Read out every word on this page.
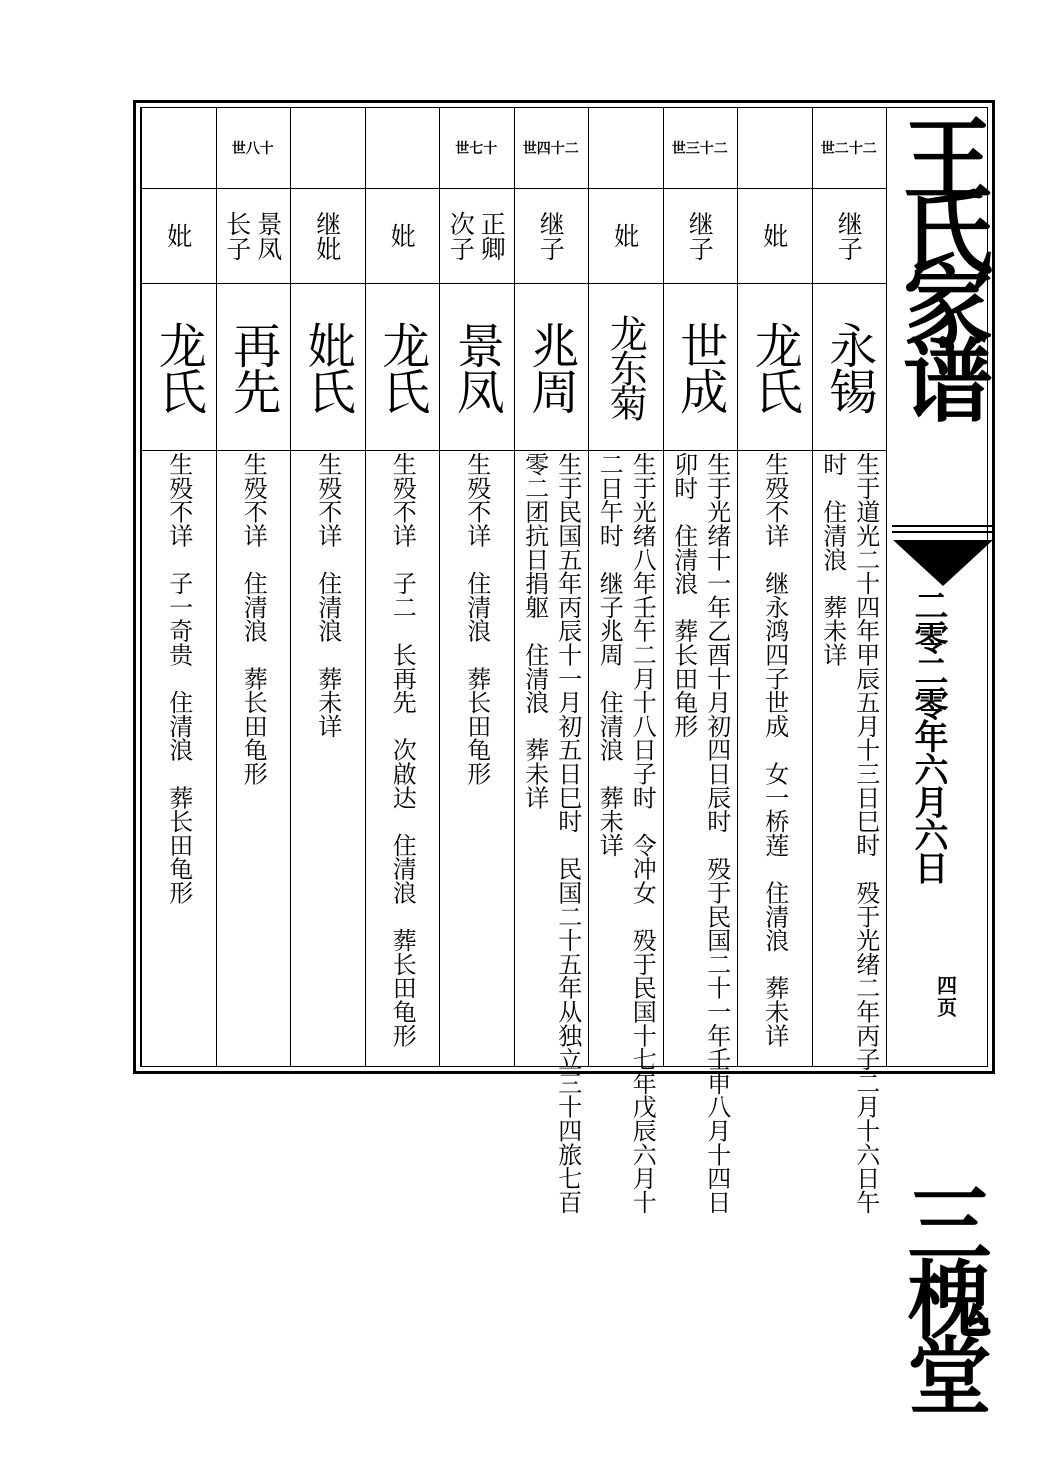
世二十二
继子
永锡
生于道光二十四年甲辰五月十三日巳时　殁于光绪二年丙子二月十六日午
时　住清浪　葬未详
妣
龙氏
生殁不详　继永鸿四子世成　女一桥莲　住清浪　葬未详
世三十二
继子
世成
生于光绪十一年乙酉十月初四日辰时　殁于民国二十一年壬申八月十四日
卯时　住清浪　葬长田龟形
妣
龙东菊
生于光绪八年壬午二月十八日子时　令冲女　殁于民国十七年戊辰六月十
二日午时　继子兆周　住清浪　葬未详
世四十二
继子
兆周
生于民国五年丙辰十一月初五日巳时　民国二十五年从独立三十四旅七百
零二团抗日捐躯　住清浪　葬未详
世七十
正卿
次子
景凤
生殁不详　住清浪　葬长田龟形
妣
龙氏
生殁不详　子二　长再先　次啟达　住清浪　葬长田龟形
继妣
妣氏
生殁不详　住清浪　葬未详
世八十
景凤
长子
再先
生殁不详　住清浪　葬长田龟形
妣
龙氏
生殁不详　子一奇贵　住清浪　葬长田龟形
王氏家谱
二零二零年六月六日
四页
三槐堂
